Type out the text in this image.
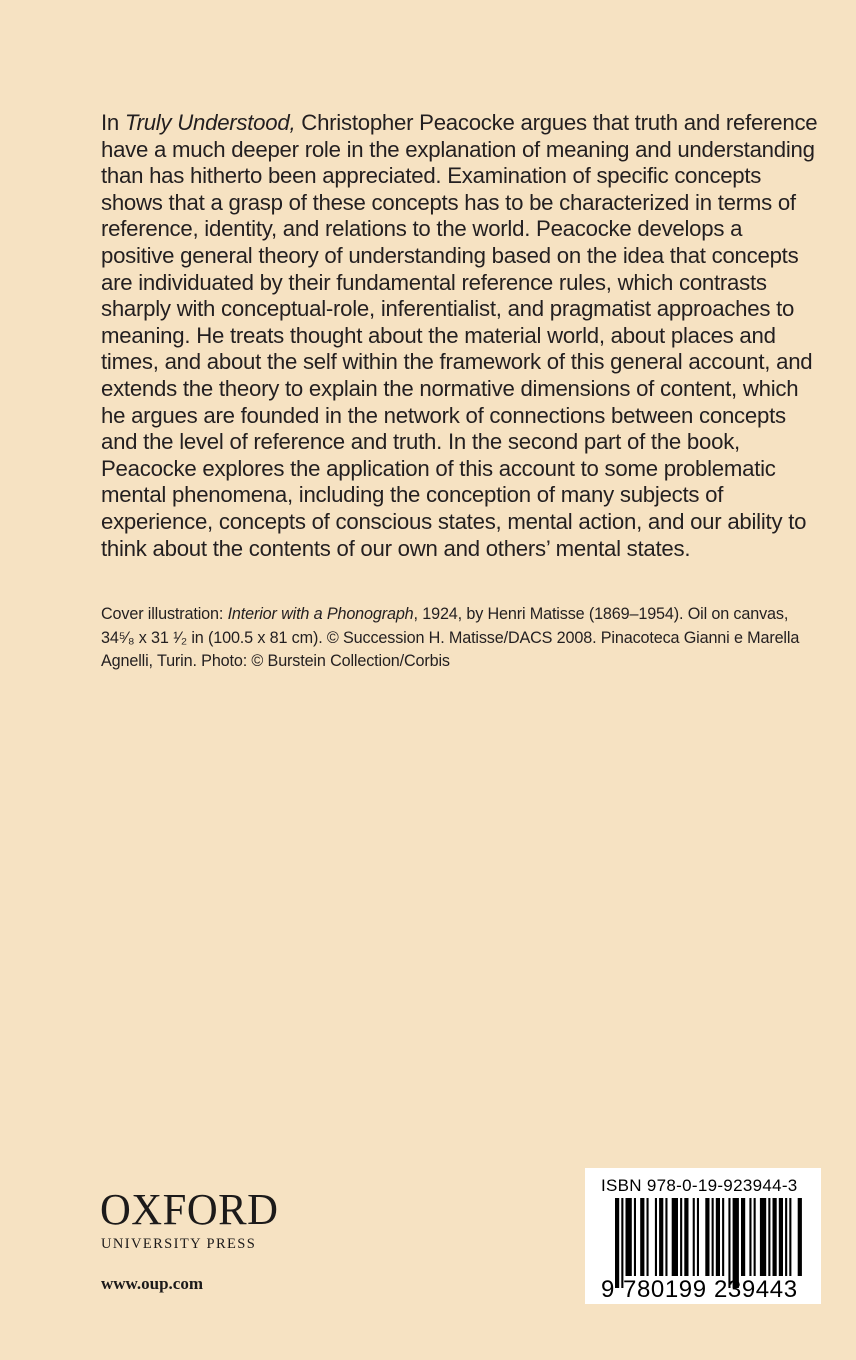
In Truly Understood, Christopher Peacocke argues that truth and reference have a much deeper role in the explanation of meaning and understanding than has hitherto been appreciated. Examination of specific concepts shows that a grasp of these concepts has to be characterized in terms of reference, identity, and relations to the world. Peacocke develops a positive general theory of understanding based on the idea that concepts are individuated by their fundamental reference rules, which contrasts sharply with conceptual-role, inferentialist, and pragmatist approaches to meaning. He treats thought about the material world, about places and times, and about the self within the framework of this general account, and extends the theory to explain the normative dimensions of content, which he argues are founded in the network of connections between concepts and the level of reference and truth. In the second part of the book, Peacocke explores the application of this account to some problematic mental phenomena, including the conception of many subjects of experience, concepts of conscious states, mental action, and our ability to think about the contents of our own and others’ mental states.

Cover illustration: Interior with a Phonograph, 1924, by Henri Matisse (1869–1954). Oil on canvas, 34⁵⁄₈ x 31 ¹⁄₂ in (100.5 x 81 cm). © Succession H. Matisse/DACS 2008. Pinacoteca Gianni e Marella Agnelli, Turin. Photo: © Burstein Collection/Corbis

OXFORD
UNIVERSITY PRESS
www.oup.com
ISBN 978-0-19-923944-3
9 780199 239443
